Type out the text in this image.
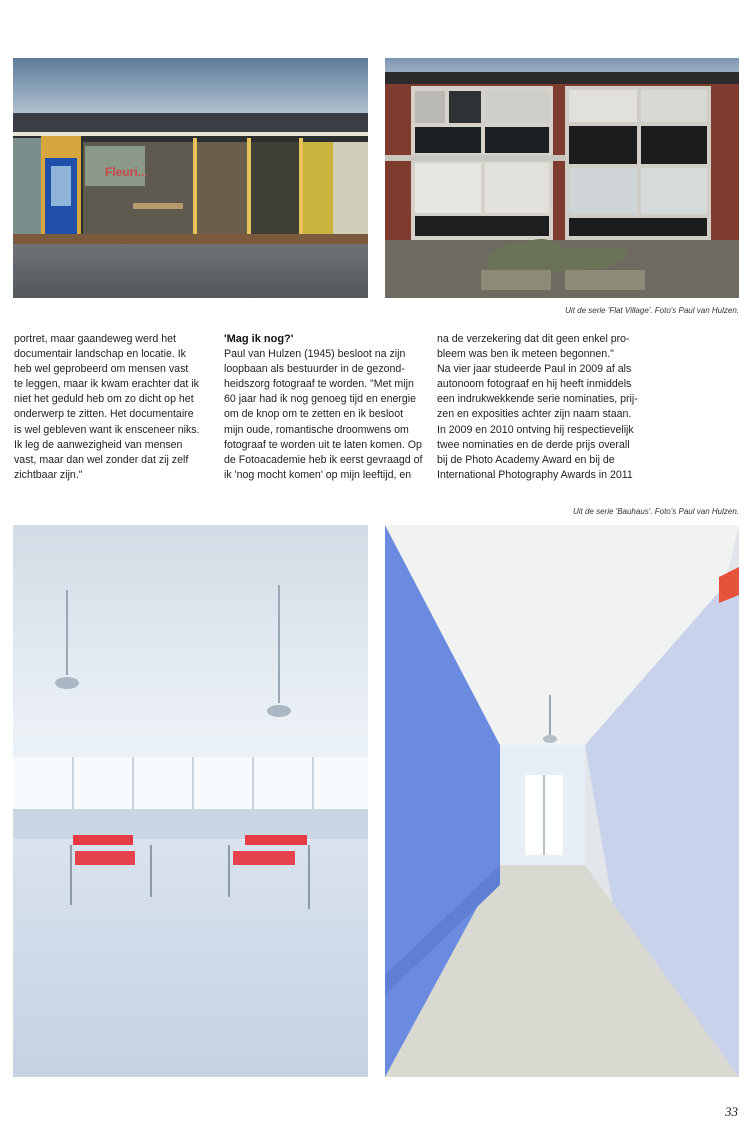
Fleuri...
Uit de serie 'Flat Village'. Foto's Paul van Hulzen.

portret, maar gaandeweg werd het
documentair landschap en locatie. Ik
heb wel geprobeerd om mensen vast
te leggen, maar ik kwam erachter dat ik
niet het geduld heb om zo dicht op het
onderwerp te zitten. Het documentaire
is wel gebleven want ik ensceneer niks.
Ik leg de aanwezigheid van mensen
vast, maar dan wel zonder dat zij zelf
zichtbaar zijn."

'Mag ik nog?'

Paul van Hulzen (1945) besloot na zijn
loopbaan als bestuurder in de gezond-
heidszorg fotograaf te worden. "Met mijn
60 jaar had ik nog genoeg tijd en energie
om de knop om te zetten en ik besloot
mijn oude, romantische droomwens om
fotograaf te worden uit te laten komen. Op
de Fotoacademie heb ik eerst gevraagd of
ik 'nog mocht komen' op mijn leeftijd, en

na de verzekering dat dit geen enkel pro-
bleem was ben ik meteen begonnen."
Na vier jaar studeerde Paul in 2009 af als
autonoom fotograaf en hij heeft inmiddels
een indrukwekkende serie nominaties, prij-
zen en exposities achter zijn naam staan.
In 2009 en 2010 ontving hij respectievelijk
twee nominaties en de derde prijs overall
bij de Photo Academy Award en bij de
International Photography Awards in 2011

Uit de serie 'Bauhaus'. Foto's Paul van Hulzen.
33
